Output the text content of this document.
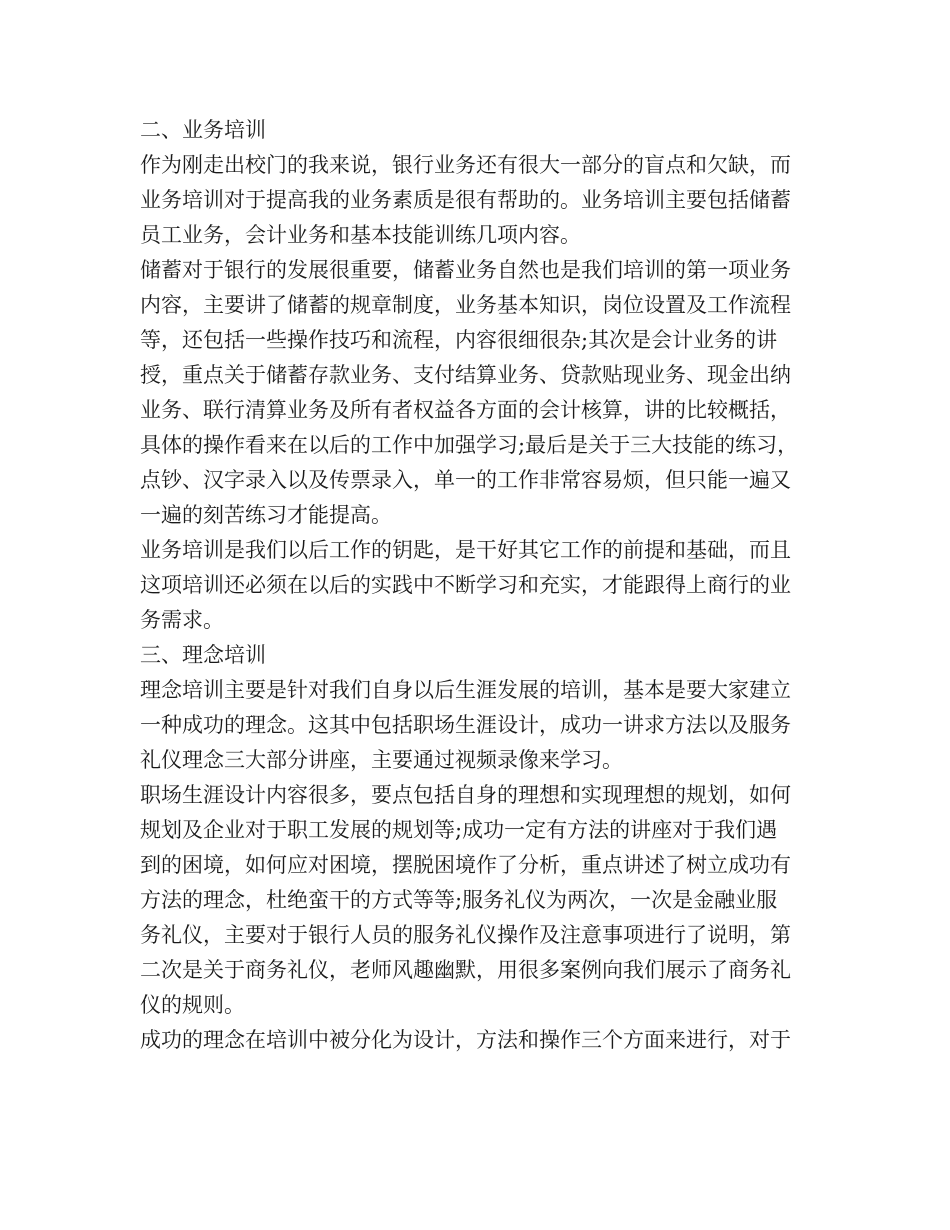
二、业务培训
作为刚走出校门的我来说，银行业务还有很大一部分的盲点和欠缺，而
业务培训对于提高我的业务素质是很有帮助的。业务培训主要包括储蓄
员工业务，会计业务和基本技能训练几项内容。
储蓄对于银行的发展很重要，储蓄业务自然也是我们培训的第一项业务
内容，主要讲了储蓄的规章制度，业务基本知识，岗位设置及工作流程
等，还包括一些操作技巧和流程，内容很细很杂;其次是会计业务的讲
授，重点关于储蓄存款业务、支付结算业务、贷款贴现业务、现金出纳
业务、联行清算业务及所有者权益各方面的会计核算，讲的比较概括，
具体的操作看来在以后的工作中加强学习;最后是关于三大技能的练习，
点钞、汉字录入以及传票录入，单一的工作非常容易烦，但只能一遍又
一遍的刻苦练习才能提高。
业务培训是我们以后工作的钥匙，是干好其它工作的前提和基础，而且
这项培训还必须在以后的实践中不断学习和充实，才能跟得上商行的业
务需求。
三、理念培训
理念培训主要是针对我们自身以后生涯发展的培训，基本是要大家建立
一种成功的理念。这其中包括职场生涯设计，成功一讲求方法以及服务
礼仪理念三大部分讲座，主要通过视频录像来学习。
职场生涯设计内容很多，要点包括自身的理想和实现理想的规划，如何
规划及企业对于职工发展的规划等;成功一定有方法的讲座对于我们遇
到的困境，如何应对困境，摆脱困境作了分析，重点讲述了树立成功有
方法的理念，杜绝蛮干的方式等等;服务礼仪为两次，一次是金融业服
务礼仪，主要对于银行人员的服务礼仪操作及注意事项进行了说明，第
二次是关于商务礼仪，老师风趣幽默，用很多案例向我们展示了商务礼
仪的规则。
成功的理念在培训中被分化为设计，方法和操作三个方面来进行，对于
